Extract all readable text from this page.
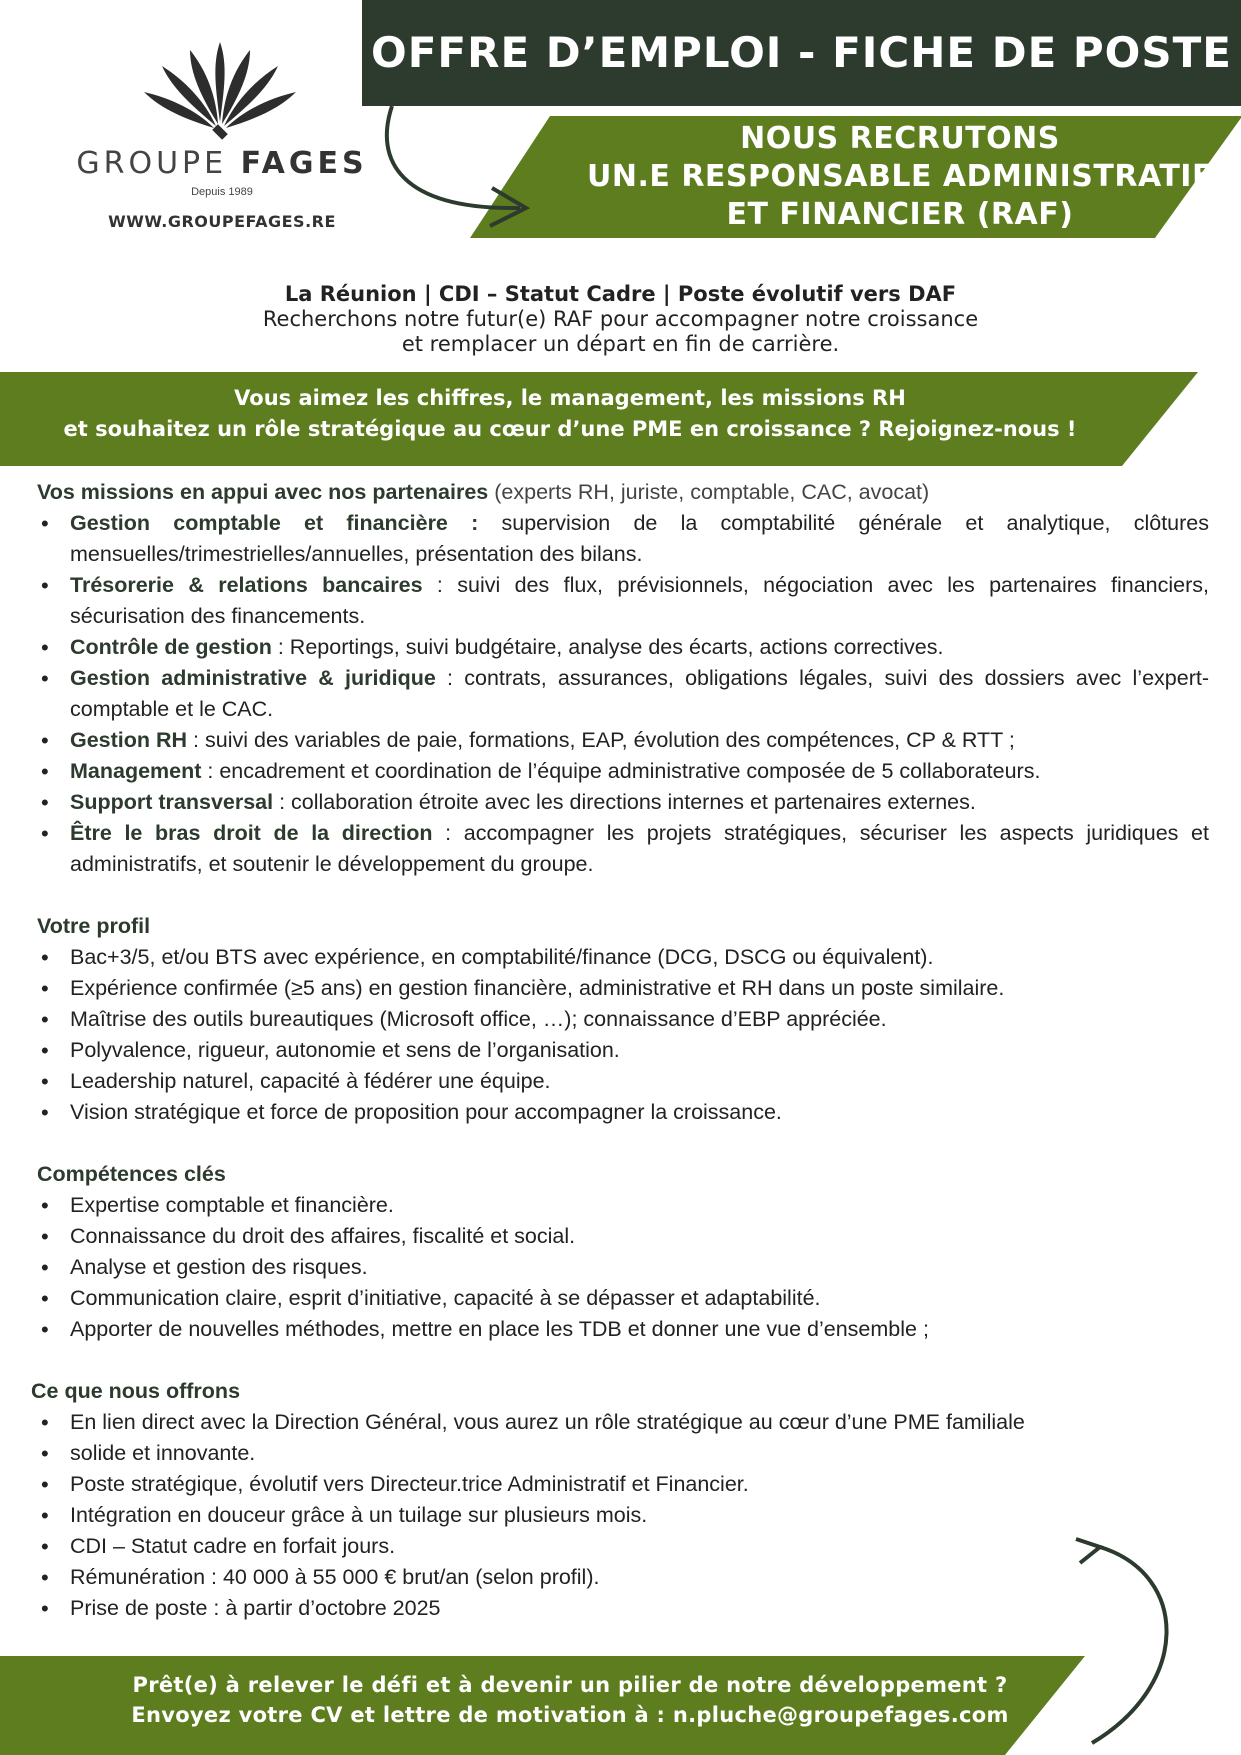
OFFRE D’EMPLOI - FICHE DE POSTE
NOUS RECRUTONS
UN.E RESPONSABLE ADMINISTRATIF
ET FINANCIER (RAF)
GROUPE FAGES
Depuis 1989
WWW.GROUPEFAGES.RE
La Réunion | CDI – Statut Cadre | Poste évolutif vers DAF
Recherchons notre futur(e) RAF pour accompagner notre croissance
et remplacer un départ en fin de carrière.
Vous aimez les chiffres, le management, les missions RH
et souhaitez un rôle stratégique au cœur d’une PME en croissance ? Rejoignez-nous !

Vos missions en appui avec nos partenaires (experts RH, juriste, comptable, CAC, avocat)

• Gestion comptable et financière : supervision de la comptabilité générale et analytique, clôtures mensuelles/trimestrielles/annuelles, présentation des bilans.
• Trésorerie & relations bancaires : suivi des flux, prévisionnels, négociation avec les partenaires financiers, sécurisation des financements.
• Contrôle de gestion : Reportings, suivi budgétaire, analyse des écarts, actions correctives.
• Gestion administrative & juridique : contrats, assurances, obligations légales, suivi des dossiers avec l’expert-comptable et le CAC.
• Gestion RH : suivi des variables de paie, formations, EAP, évolution des compétences, CP & RTT ;
• Management : encadrement et coordination de l’équipe administrative composée de 5 collaborateurs.
• Support transversal : collaboration étroite avec les directions internes et partenaires externes.
• Être le bras droit de la direction : accompagner les projets stratégiques, sécuriser les aspects juridiques et administratifs, et soutenir le développement du groupe.

Votre profil

• Bac+3/5, et/ou BTS avec expérience, en comptabilité/finance (DCG, DSCG ou équivalent).
• Expérience confirmée (≥5 ans) en gestion financière, administrative et RH dans un poste similaire.
• Maîtrise des outils bureautiques (Microsoft office, …); connaissance d’EBP appréciée.
• Polyvalence, rigueur, autonomie et sens de l’organisation.
• Leadership naturel, capacité à fédérer une équipe.
• Vision stratégique et force de proposition pour accompagner la croissance.

Compétences clés

• Expertise comptable et financière.
• Connaissance du droit des affaires, fiscalité et social.
• Analyse et gestion des risques.
• Communication claire, esprit d’initiative, capacité à se dépasser et adaptabilité.
• Apporter de nouvelles méthodes, mettre en place les TDB et donner une vue d’ensemble ;

Ce que nous offrons

• En lien direct avec la Direction Général, vous aurez un rôle stratégique au cœur d’une PME familiale
• solide et innovante.
• Poste stratégique, évolutif vers Directeur.trice Administratif et Financier.
• Intégration en douceur grâce à un tuilage sur plusieurs mois.
• CDI – Statut cadre en forfait jours.
• Rémunération : 40 000 à 55 000 € brut/an (selon profil).
• Prise de poste : à partir d’octobre 2025
Prêt(e) à relever le défi et à devenir un pilier de notre développement ?
Envoyez votre CV et lettre de motivation à : n.pluche@groupefages.com
